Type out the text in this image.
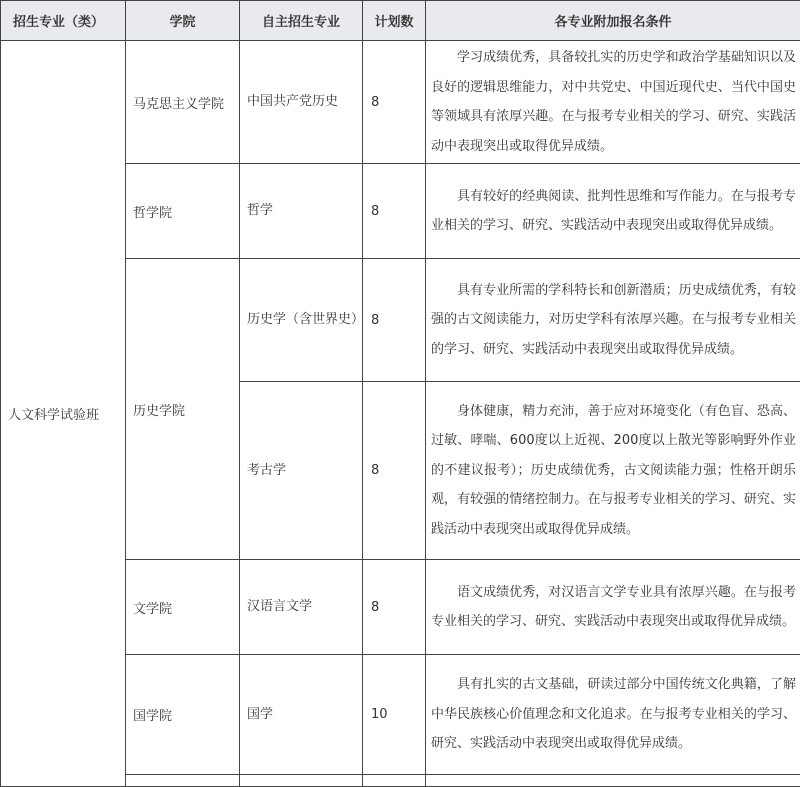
招生专业（类）	学院	自主招生专业	计划数	各专业附加报名条件
人文科学试验班	马克思主义学院	中国共产党历史	8	学习成绩优秀，具备较扎实的历史学和政治学基础知识以及良好的逻辑思维能力，对中共党史、中国近现代史、当代中国史等领域具有浓厚兴趣。在与报考专业相关的学习、研究、实践活动中表现突出或取得优异成绩。
	哲学院	哲学	8	具有较好的经典阅读、批判性思维和写作能力。在与报考专业相关的学习、研究、实践活动中表现突出或取得优异成绩。
	历史学院	历史学（含世界史）	8	具有专业所需的学科特长和创新潜质；历史成绩优秀，有较强的古文阅读能力，对历史学科有浓厚兴趣。在与报考专业相关的学习、研究、实践活动中表现突出或取得优异成绩。
		考古学	8	身体健康，精力充沛，善于应对环境变化（有色盲、恐高、过敏、哮喘、600度以上近视、200度以上散光等影响野外作业的不建议报考）；历史成绩优秀，古文阅读能力强；性格开朗乐观，有较强的情绪控制力。在与报考专业相关的学习、研究、实践活动中表现突出或取得优异成绩。
	文学院	汉语言文学	8	语文成绩优秀，对汉语言文学专业具有浓厚兴趣。在与报考专业相关的学习、研究、实践活动中表现突出或取得优异成绩。
	国学院	国学	10	具有扎实的古文基础，研读过部分中国传统文化典籍，了解中华民族核心价值理念和文化追求。在与报考专业相关的学习、研究、实践活动中表现突出或取得优异成绩。
